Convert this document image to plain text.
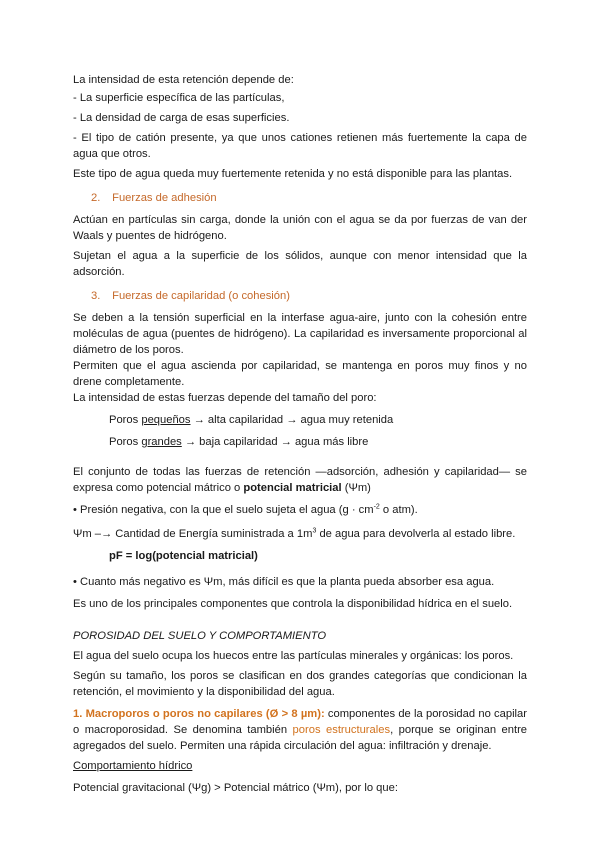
La intensidad de esta retención depende de:

- La superficie específica de las partículas,

- La densidad de carga de esas superficies.

- El tipo de catión presente, ya que unos cationes retienen más fuertemente la capa de agua que otros.

Este tipo de agua queda muy fuertemente retenida y no está disponible para las plantas.

2. Fuerzas de adhesión

Actúan en partículas sin carga, donde la unión con el agua se da por fuerzas de van der Waals y puentes de hidrógeno.

Sujetan el agua a la superficie de los sólidos, aunque con menor intensidad que la adsorción.

3. Fuerzas de capilaridad (o cohesión)

Se deben a la tensión superficial en la interfase agua-aire, junto con la cohesión entre moléculas de agua (puentes de hidrógeno). La capilaridad es inversamente proporcional al diámetro de los poros.

Permiten que el agua ascienda por capilaridad, se mantenga en poros muy finos y no drene completamente.

La intensidad de estas fuerzas depende del tamaño del poro:

Poros pequeños → alta capilaridad → agua muy retenida

Poros grandes → baja capilaridad → agua más libre

El conjunto de todas las fuerzas de retención —adsorción, adhesión y capilaridad— se expresa como potencial mátrico o potencial matricial (Ψm)

• Presión negativa, con la que el suelo sujeta el agua ($g \cdot cm^{-2}$ o atm).

Ψm –→ Cantidad de Energía suministrada a $1m^3$ de agua para devolverla al estado libre.

pF = log(potencial matricial)

• Cuanto más negativo es Ψm, más difícil es que la planta pueda absorber esa agua.

Es uno de los principales componentes que controla la disponibilidad hídrica en el suelo.

POROSIDAD DEL SUELO Y COMPORTAMIENTO

El agua del suelo ocupa los huecos entre las partículas minerales y orgánicas: los poros.

Según su tamaño, los poros se clasifican en dos grandes categorías que condicionan la retención, el movimiento y la disponibilidad del agua.

1. Macroporos o poros no capilares (Ø > 8 µm): componentes de la porosidad no capilar o macroporosidad. Se denomina también poros estructurales, porque se originan entre agregados del suelo. Permiten una rápida circulación del agua: infiltración y drenaje.

Comportamiento hídrico

Potencial gravitacional (Ψg) > Potencial mátrico (Ψm), por lo que:
